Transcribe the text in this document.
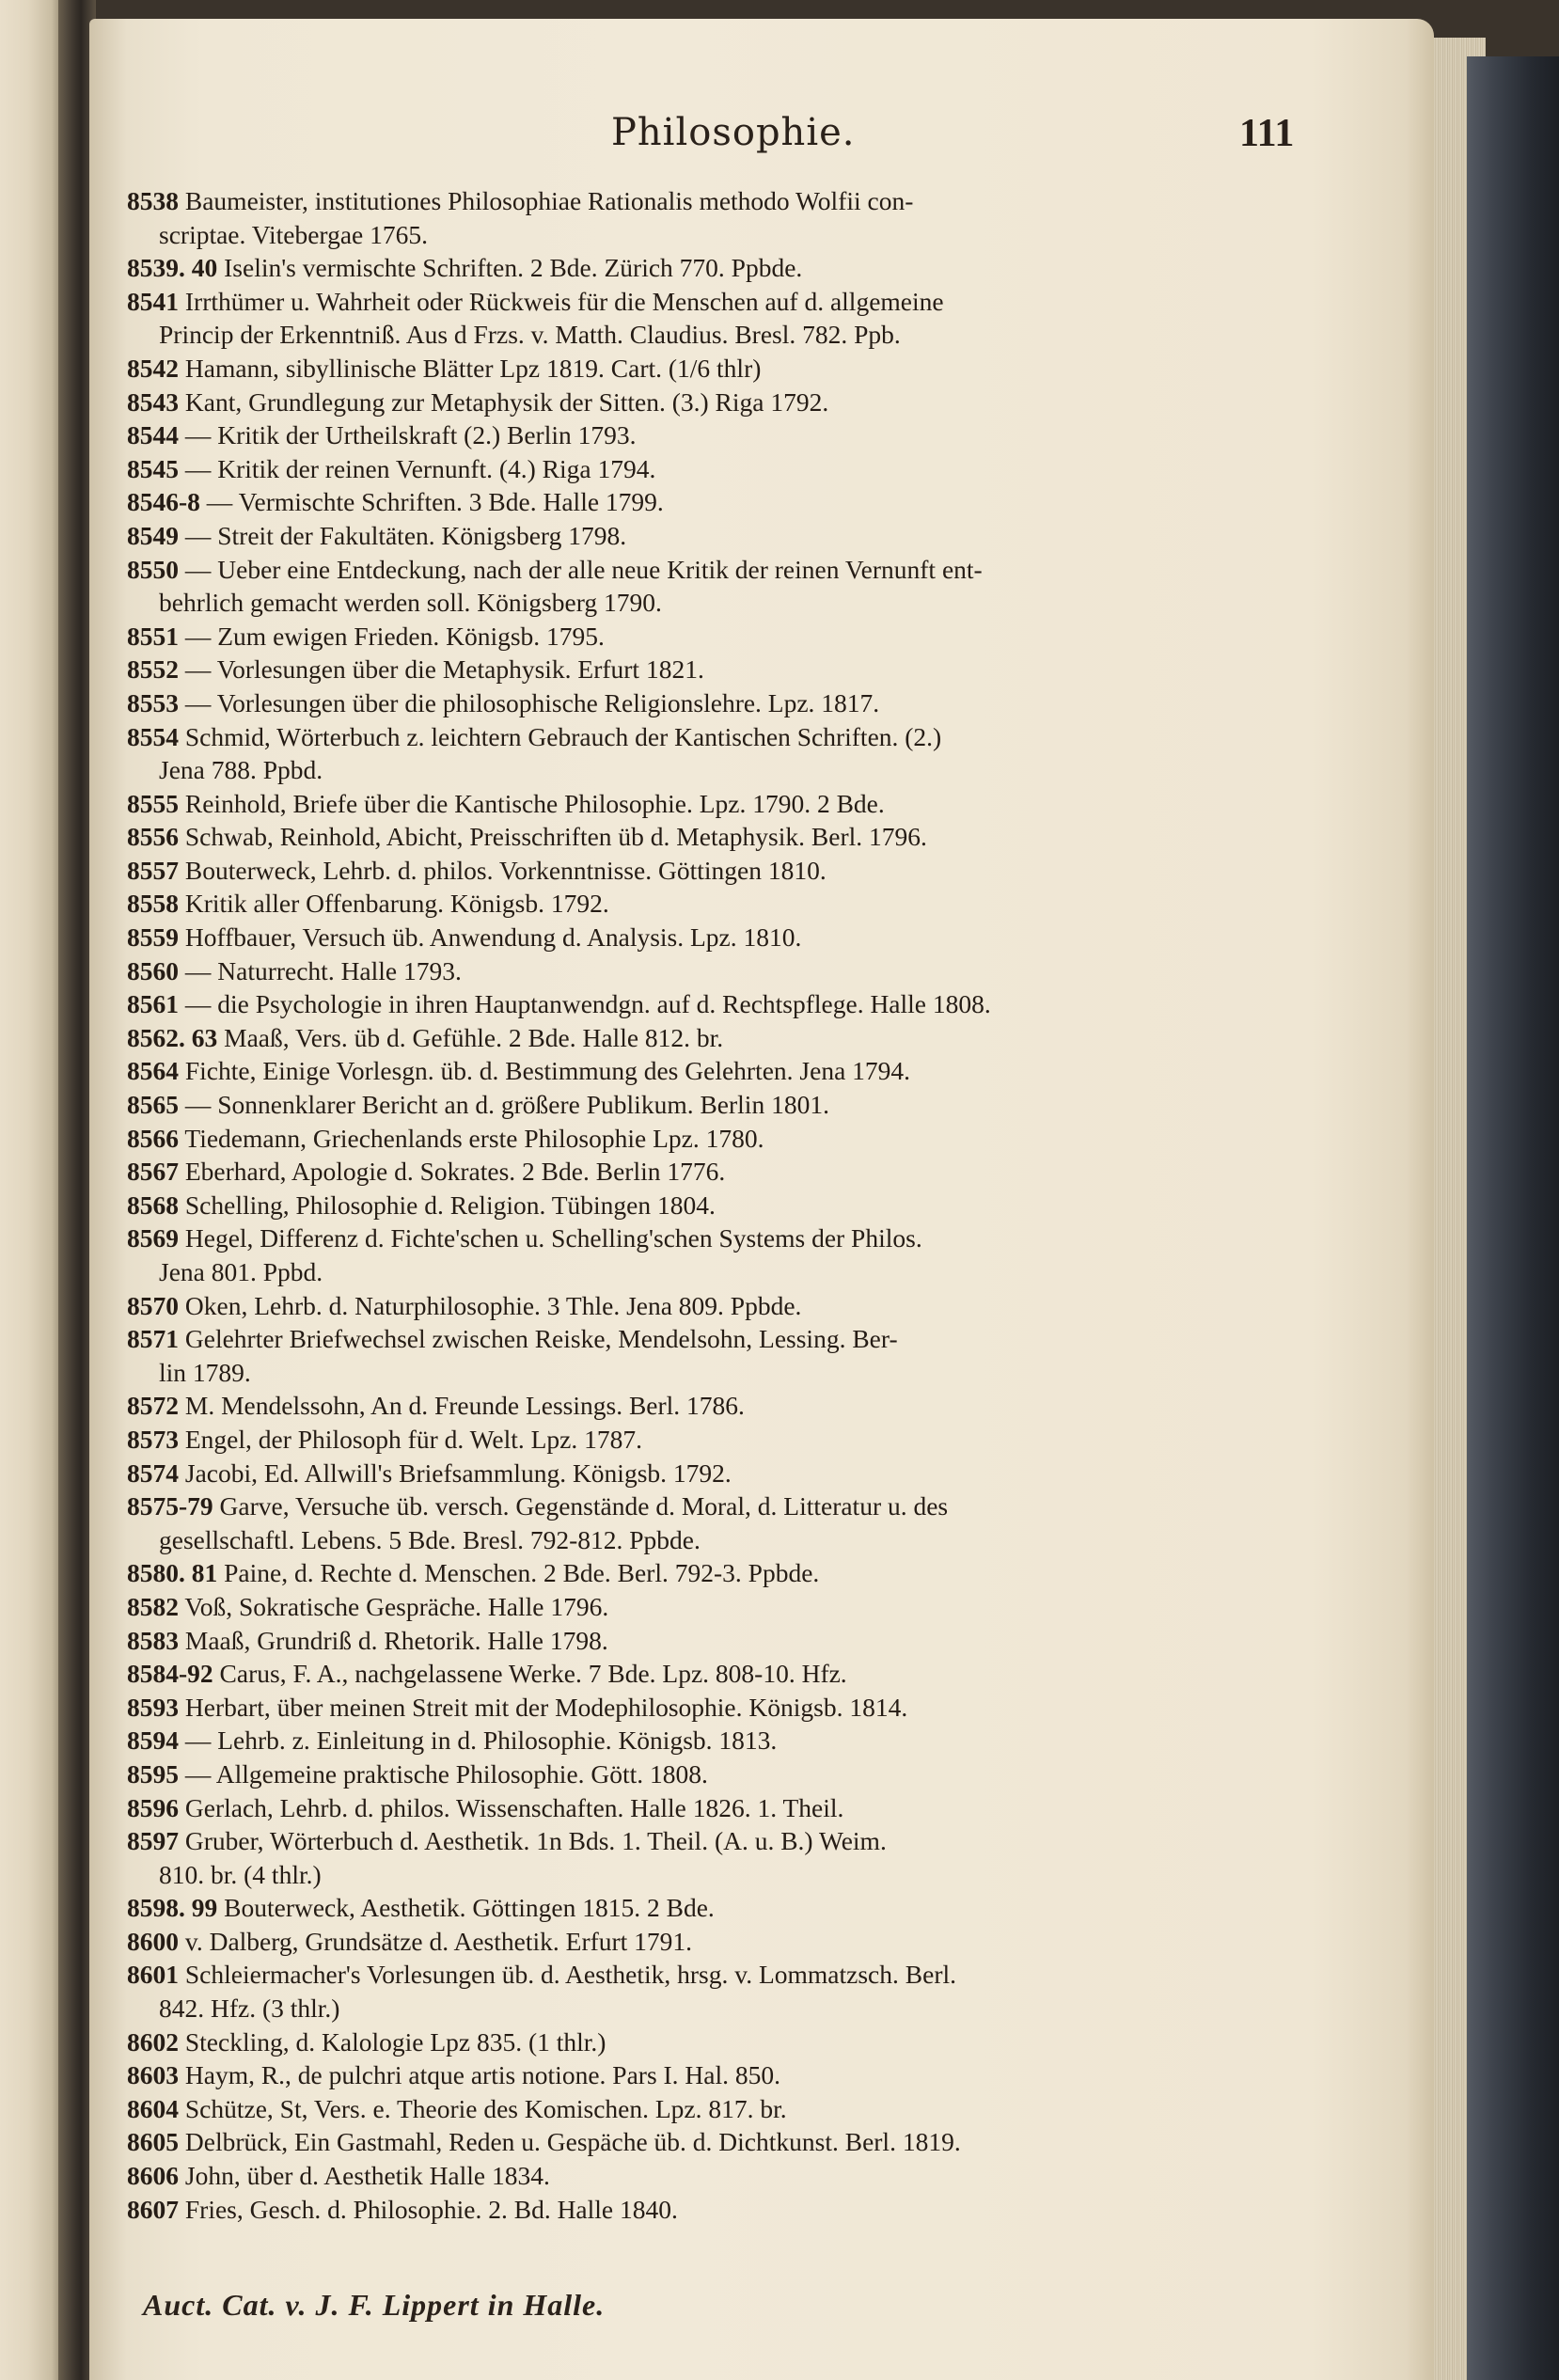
Philosophie.	111
8538 Baumeister, institutiones Philosophiae Rationalis methodo Wolfii con-
scriptae. Vitebergae 1765.
8539. 40 Iselin's vermischte Schriften. 2 Bde. Zürich 770. Ppbde.
8541 Irrthümer u. Wahrheit oder Rückweis für die Menschen auf d. allgemeine
Princip der Erkenntniß. Aus d Frzs. v. Matth. Claudius. Bresl. 782. Ppb.
8542 Hamann, sibyllinische Blätter Lpz 1819. Cart. (1/6 thlr)
8543 Kant, Grundlegung zur Metaphysik der Sitten. (3.) Riga 1792.
8544 — Kritik der Urtheilskraft (2.) Berlin 1793.
8545 — Kritik der reinen Vernunft. (4.) Riga 1794.
8546-8 — Vermischte Schriften. 3 Bde. Halle 1799.
8549 — Streit der Fakultäten. Königsberg 1798.
8550 — Ueber eine Entdeckung, nach der alle neue Kritik der reinen Vernunft ent-
behrlich gemacht werden soll. Königsberg 1790.
8551 — Zum ewigen Frieden. Königsb. 1795.
8552 — Vorlesungen über die Metaphysik. Erfurt 1821.
8553 — Vorlesungen über die philosophische Religionslehre. Lpz. 1817.
8554 Schmid, Wörterbuch z. leichtern Gebrauch der Kantischen Schriften. (2.)
Jena 788. Ppbd.
8555 Reinhold, Briefe über die Kantische Philosophie. Lpz. 1790. 2 Bde.
8556 Schwab, Reinhold, Abicht, Preisschriften üb d. Metaphysik. Berl. 1796.
8557 Bouterweck, Lehrb. d. philos. Vorkenntnisse. Göttingen 1810.
8558 Kritik aller Offenbarung. Königsb. 1792.
8559 Hoffbauer, Versuch üb. Anwendung d. Analysis. Lpz. 1810.
8560 — Naturrecht. Halle 1793.
8561 — die Psychologie in ihren Hauptanwendgn. auf d. Rechtspflege. Halle 1808.
8562. 63 Maaß, Vers. üb d. Gefühle. 2 Bde. Halle 812. br.
8564 Fichte, Einige Vorlesgn. üb. d. Bestimmung des Gelehrten. Jena 1794.
8565 — Sonnenklarer Bericht an d. größere Publikum. Berlin 1801.
8566 Tiedemann, Griechenlands erste Philosophie Lpz. 1780.
8567 Eberhard, Apologie d. Sokrates. 2 Bde. Berlin 1776.
8568 Schelling, Philosophie d. Religion. Tübingen 1804.
8569 Hegel, Differenz d. Fichte'schen u. Schelling'schen Systems der Philos.
Jena 801. Ppbd.
8570 Oken, Lehrb. d. Naturphilosophie. 3 Thle. Jena 809. Ppbde.
8571 Gelehrter Briefwechsel zwischen Reiske, Mendelsohn, Lessing. Ber-
lin 1789.
8572 M. Mendelssohn, An d. Freunde Lessings. Berl. 1786.
8573 Engel, der Philosoph für d. Welt. Lpz. 1787.
8574 Jacobi, Ed. Allwill's Briefsammlung. Königsb. 1792.
8575-79 Garve, Versuche üb. versch. Gegenstände d. Moral, d. Litteratur u. des
gesellschaftl. Lebens. 5 Bde. Bresl. 792-812. Ppbde.
8580. 81 Paine, d. Rechte d. Menschen. 2 Bde. Berl. 792-3. Ppbde.
8582 Voß, Sokratische Gespräche. Halle 1796.
8583 Maaß, Grundriß d. Rhetorik. Halle 1798.
8584-92 Carus, F. A., nachgelassene Werke. 7 Bde. Lpz. 808-10. Hfz.
8593 Herbart, über meinen Streit mit der Modephilosophie. Königsb. 1814.
8594 — Lehrb. z. Einleitung in d. Philosophie. Königsb. 1813.
8595 — Allgemeine praktische Philosophie. Gött. 1808.
8596 Gerlach, Lehrb. d. philos. Wissenschaften. Halle 1826. 1. Theil.
8597 Gruber, Wörterbuch d. Aesthetik. 1n Bds. 1. Theil. (A. u. B.) Weim.
810. br. (4 thlr.)
8598. 99 Bouterweck, Aesthetik. Göttingen 1815. 2 Bde.
8600 v. Dalberg, Grundsätze d. Aesthetik. Erfurt 1791.
8601 Schleiermacher's Vorlesungen üb. d. Aesthetik, hrsg. v. Lommatzsch. Berl.
842. Hfz. (3 thlr.)
8602 Steckling, d. Kalologie Lpz 835. (1 thlr.)
8603 Haym, R., de pulchri atque artis notione. Pars I. Hal. 850.
8604 Schütze, St, Vers. e. Theorie des Komischen. Lpz. 817. br.
8605 Delbrück, Ein Gastmahl, Reden u. Gespäche üb. d. Dichtkunst. Berl. 1819.
8606 John, über d. Aesthetik Halle 1834.
8607 Fries, Gesch. d. Philosophie. 2. Bd. Halle 1840.
Auct. Cat. v. J. F. Lippert in Halle.
